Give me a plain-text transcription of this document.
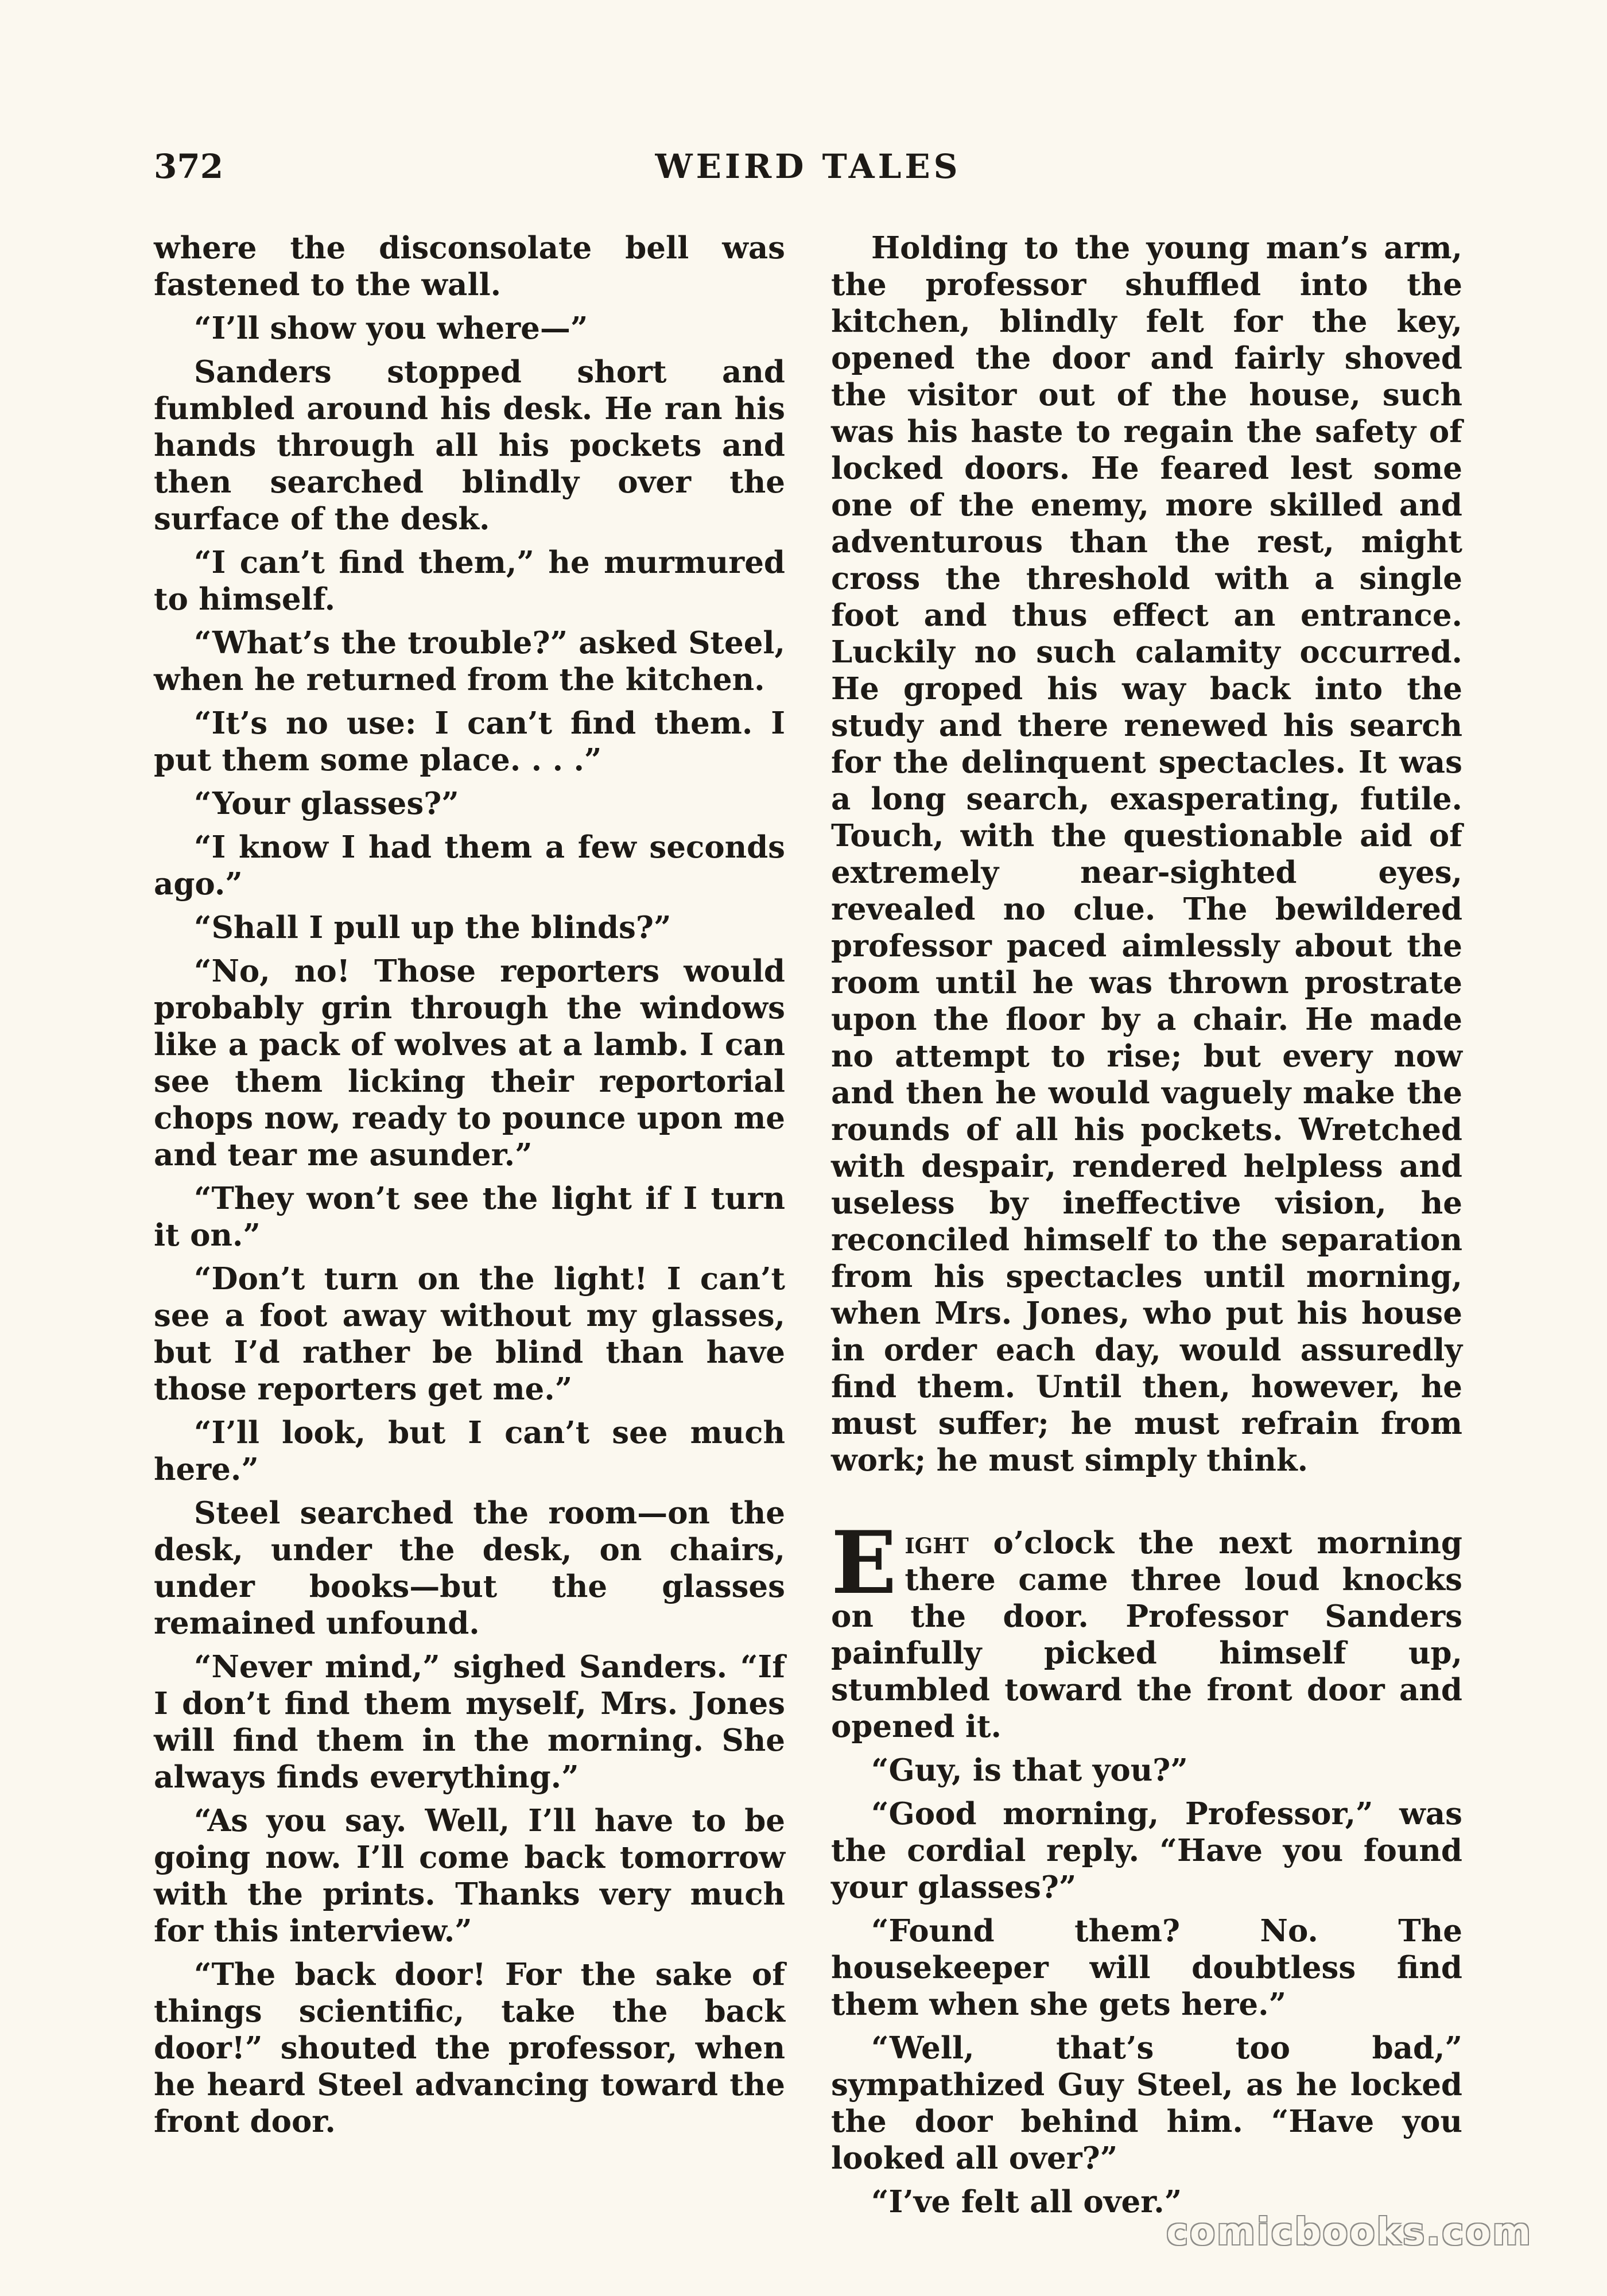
WEIRD TALES
372

where the disconsolate bell was fastened to the wall.

“I’ll show you where—”

Sanders stopped short and fumbled around his desk. He ran his hands through all his pockets and then searched blindly over the surface of the desk.

“I can’t find them,” he murmured to himself.

“What’s the trouble?” asked Steel, when he returned from the kitchen.

“It’s no use: I can’t find them. I put them some place. . . .”

“Your glasses?”

“I know I had them a few seconds ago.”

“Shall I pull up the blinds?”

“No, no! Those reporters would probably grin through the windows like a pack of wolves at a lamb. I can see them licking their reportorial chops now, ready to pounce upon me and tear me asunder.”

“They won’t see the light if I turn it on.”

“Don’t turn on the light! I can’t see a foot away without my glasses, but I’d rather be blind than have those reporters get me.”

“I’ll look, but I can’t see much here.”

Steel searched the room—on the desk, under the desk, on chairs, under books—but the glasses remained unfound.

“Never mind,” sighed Sanders. “If I don’t find them myself, Mrs. Jones will find them in the morning. She always finds everything.”

“As you say. Well, I’ll have to be going now. I’ll come back tomorrow with the prints. Thanks very much for this interview.”

“The back door! For the sake of things scientific, take the back door!” shouted the professor, when he heard Steel advancing toward the front door.

Holding to the young man’s arm, the professor shuffled into the kitchen, blindly felt for the key, opened the door and fairly shoved the visitor out of the house, such was his haste to regain the safety of locked doors. He feared lest some one of the enemy, more skilled and adventurous than the rest, might cross the threshold with a single foot and thus effect an entrance. Luckily no such calamity occurred. He groped his way back into the study and there renewed his search for the delinquent spectacles. It was a long search, exasperating, futile. Touch, with the questionable aid of extremely near-sighted eyes, revealed no clue. The bewildered professor paced aimlessly about the room until he was thrown prostrate upon the floor by a chair. He made no attempt to rise; but every now and then he would vaguely make the rounds of all his pockets. Wretched with despair, rendered helpless and useless by ineffective vision, he reconciled himself to the separation from his spectacles until morning, when Mrs. Jones, who put his house in order each day, would assuredly find them. Until then, however, he must suffer; he must refrain from work; he must simply think.

Eight o’clock the next morning there came three loud knocks on the door. Professor Sanders painfully picked himself up, stumbled toward the front door and opened it.

“Guy, is that you?”

“Good morning, Professor,” was the cordial reply. “Have you found your glasses?”

“Found them? No. The housekeeper will doubtless find them when she gets here.”

“Well, that’s too bad,” sympathized Guy Steel, as he locked the door behind him. “Have you looked all over?”

“I’ve felt all over.”

comicbooks.com
